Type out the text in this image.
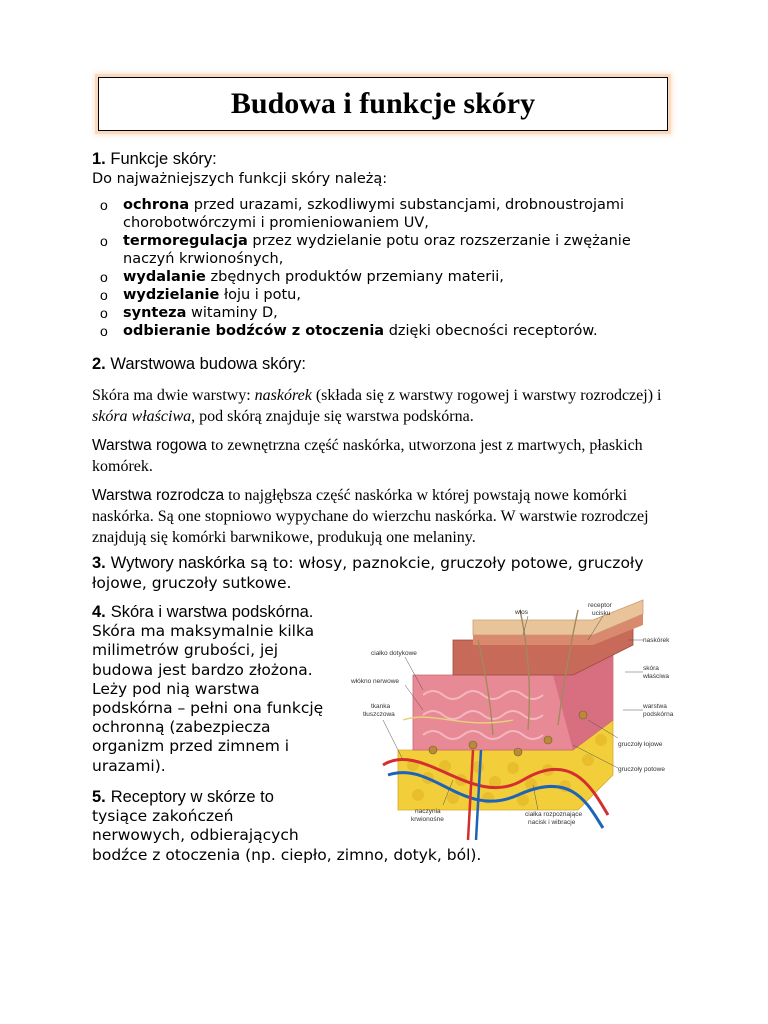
Budowa i funkcje skóry
1. Funkcje skóry:
Do najważniejszych funkcji skóry należą:
o ochrona przed urazami, szkodliwymi substancjami, drobnoustrojami chorobotwórczymi i promieniowaniem UV,
o termoregulacja przez wydzielanie potu oraz rozszerzanie i zwężanie naczyń krwionośnych,
o wydalanie zbędnych produktów przemiany materii,
o wydzielanie łoju i potu,
o synteza witaminy D,
o odbieranie bodźców z otoczenia dzięki obecności receptorów.
2. Warstwowa budowa skóry:
Skóra ma dwie warstwy: naskórek (składa się z warstwy rogowej i warstwy rozrodczej) i skóra właściwa, pod skórą znajduje się warstwa podskórna.
Warstwa rogowa to zewnętrzna część naskórka, utworzona jest z martwych, płaskich komórek.
Warstwa rozrodcza to najgłębsza część naskórka w której powstają nowe komórki naskórka. Są one stopniowo wypychane do wierzchu naskórka. W warstwie rozrodczej znajdują się komórki barwnikowe, produkują one melaniny.
3. Wytwory naskórka są to: włosy, paznokcie, gruczoły potowe, gruczoły łojowe, gruczoły sutkowe.
4. Skóra i warstwa podskórna.
Skóra ma maksymalnie kilka
milimetrów grubości, jej
budowa jest bardzo złożona.
Leży pod nią warstwa
podskórna – pełni ona funkcję
ochronną (zabezpiecza
organizm przed zimnem i
urazami).
5. Receptory w skórze to
tysiące zakończeń
nerwowych, odbierających
bodźce z otoczenia (np. ciepło, zimno, dotyk, ból).
włos
receptor
ucisku
naskórek
skóra
właściwa
warstwa
podskórna
ciałko dotykowe
włókno nerwowe
tkanka
tłuszczowa
gruczoły łojowe
gruczoły potowe
naczynia
krwionośne
ciałka rozpoznające
nacisk i wibracje
